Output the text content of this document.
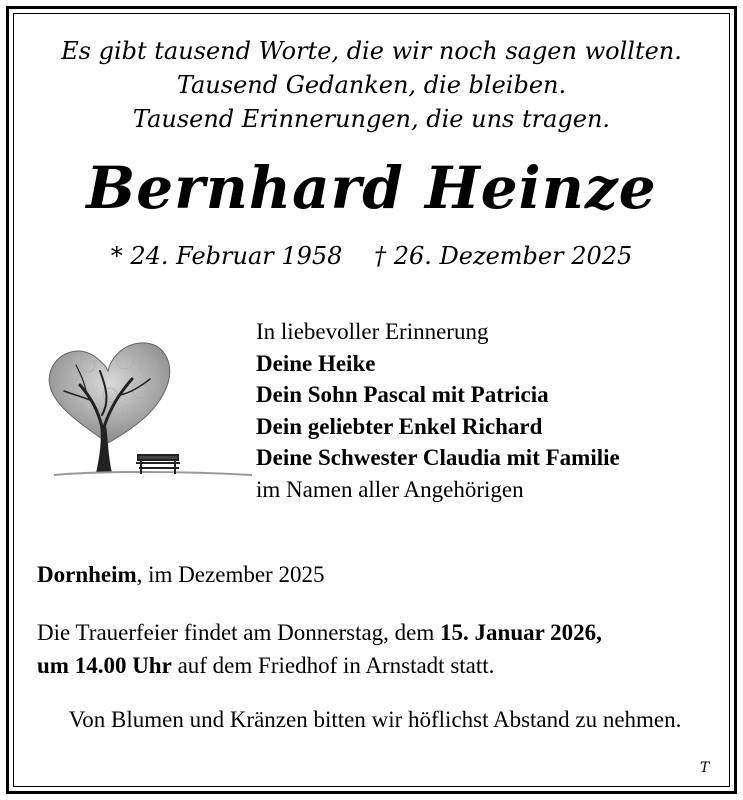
Es gibt tausend Worte, die wir noch sagen wollten.
Tausend Gedanken, die bleiben.
Tausend Erinnerungen, die uns tragen.
Bernhard Heinze
* 24. Februar 1958 † 26. Dezember 2025
In liebevoller Erinnerung
Deine Heike
Dein Sohn Pascal mit Patricia
Dein geliebter Enkel Richard
Deine Schwester Claudia mit Familie
im Namen aller Angehörigen
Dornheim, im Dezember 2025
Die Trauerfeier findet am Donnerstag, dem 15. Januar 2026,
um 14.00 Uhr auf dem Friedhof in Arnstadt statt.
Von Blumen und Kränzen bitten wir höflichst Abstand zu nehmen.
T
